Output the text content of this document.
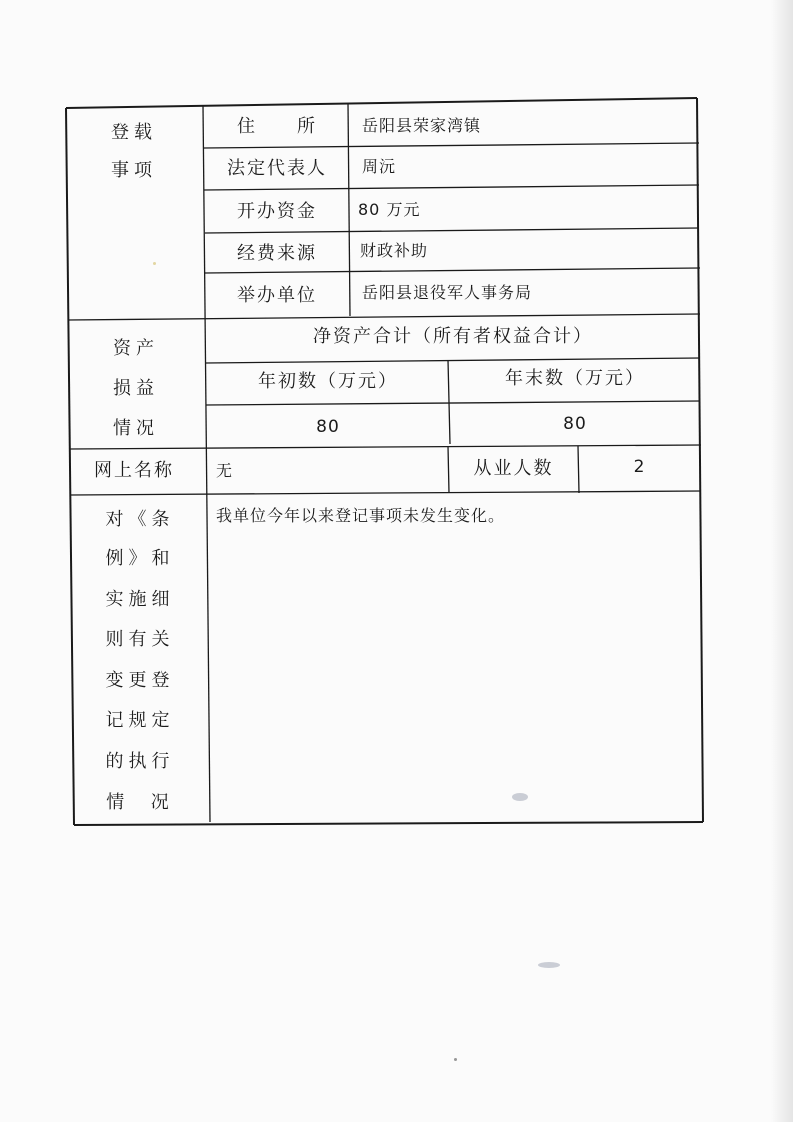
登载
事项
住　　所	岳阳县荣家湾镇
法定代表人	周沅
开办资金	80 万元
经费来源	财政补助
举办单位	岳阳县退役军人事务局
资产
损益
情况
净资产合计（所有者权益合计）
年初数（万元）	年末数（万元）
80	80
网上名称	无	从业人数	2
对《条
例》和
实施细
则有关
变更登
记规定
的执行
情  况
我单位今年以来登记事项未发生变化。
